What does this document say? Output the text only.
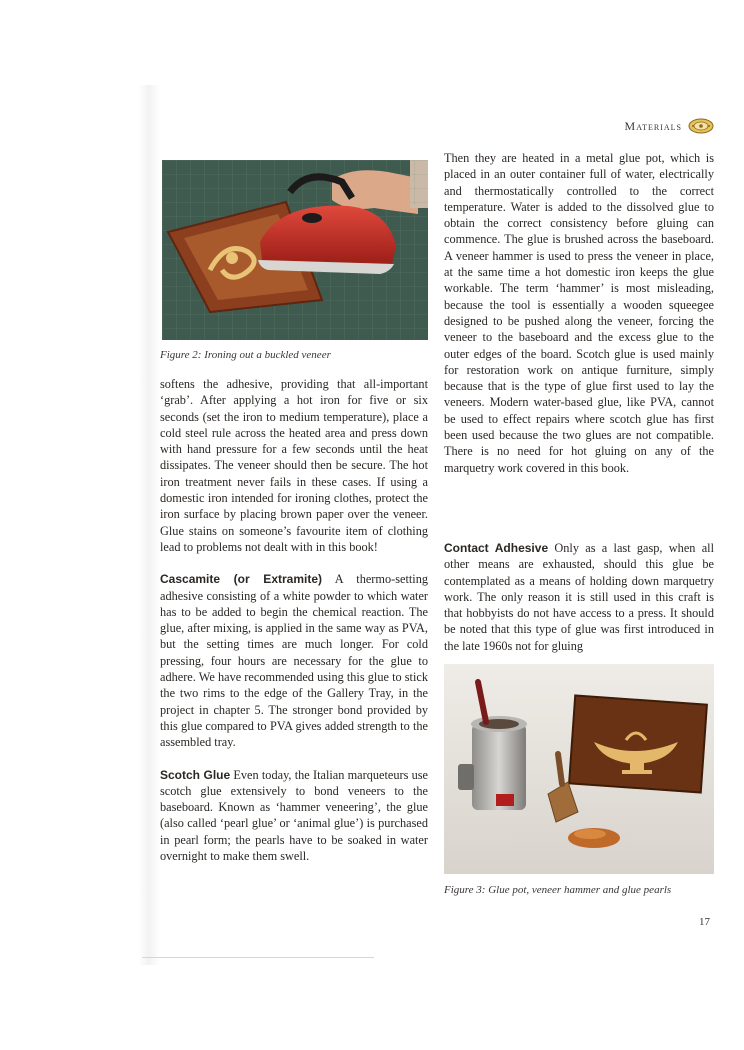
Materials
Figure 2: Ironing out a buckled veneer

softens the adhesive, providing that all-important ‘grab’. After applying a hot iron for five or six seconds (set the iron to medium temperature), place a cold steel rule across the heated area and press down with hand pressure for a few seconds until the heat dissipates. The veneer should then be secure. The hot iron treatment never fails in these cases. If using a domestic iron intended for ironing clothes, protect the iron surface by placing brown paper over the veneer. Glue stains on someone’s favourite item of clothing lead to problems not dealt with in this book!

Cascamite (or Extramite) A thermo-setting adhesive consisting of a white powder to which water has to be added to begin the chemical reaction. The glue, after mixing, is applied in the same way as PVA, but the setting times are much longer. For cold pressing, four hours are necessary for the glue to adhere. We have recommended using this glue to stick the two rims to the edge of the Gallery Tray, in the project in chapter 5. The stronger bond provided by this glue compared to PVA gives added strength to the assembled tray.

Scotch Glue Even today, the Italian marqueteurs use scotch glue extensively to bond veneers to the baseboard. Known as ‘hammer veneering’, the glue (also called ‘pearl glue’ or ‘animal glue’) is purchased in pearl form; the pearls have to be soaked in water overnight to make them swell.

Then they are heated in a metal glue pot, which is placed in an outer container full of water, electrically and thermostatically controlled to the correct temperature. Water is added to the dissolved glue to obtain the correct consistency before gluing can commence. The glue is brushed across the baseboard. A veneer hammer is used to press the veneer in place, at the same time a hot domestic iron keeps the glue workable. The term ‘hammer’ is most misleading, because the tool is essentially a wooden squeegee designed to be pushed along the veneer, forcing the veneer to the baseboard and the excess glue to the outer edges of the board. Scotch glue is used mainly for restoration work on antique furniture, simply because that is the type of glue first used to lay the veneers. Modern water-based glue, like PVA, cannot be used to effect repairs where scotch glue has first been used because the two glues are not compatible. There is no need for hot gluing on any of the marquetry work covered in this book.

Contact Adhesive Only as a last gasp, when all other means are exhausted, should this glue be contemplated as a means of holding down marquetry work. The only reason it is still used in this craft is that hobbyists do not have access to a press. It should be noted that this type of glue was first introduced in the late 1960s not for gluing

Figure 3: Glue pot, veneer hammer and glue pearls
17
